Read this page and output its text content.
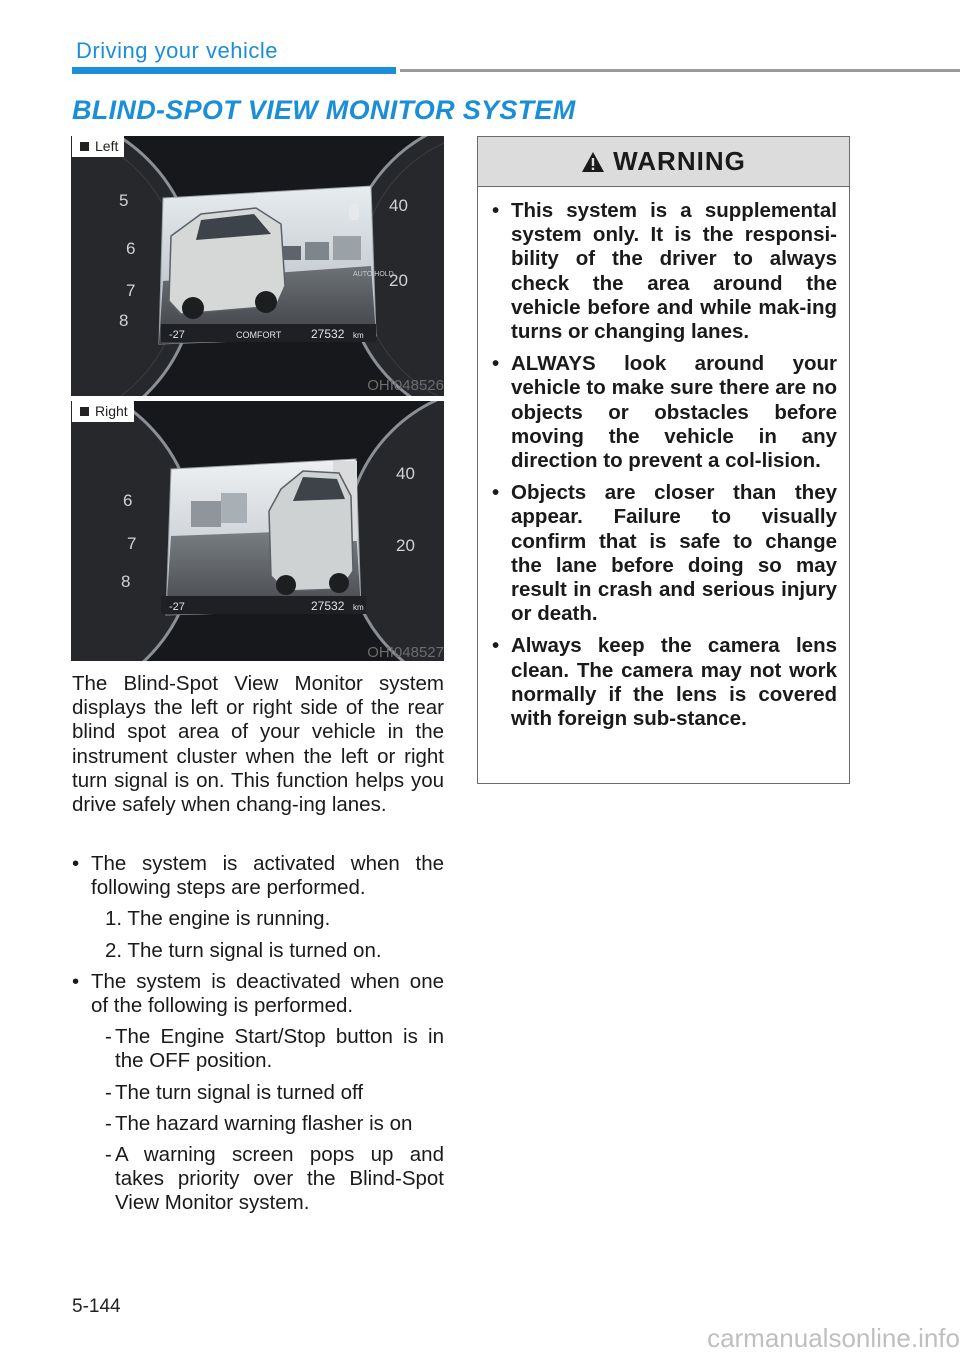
Driving your vehicle
BLIND-SPOT VIEW MONITOR SYSTEM
Left
5
6
7
8
20
40
-27	COMFORT 27532 km
AUTO HOLD
OHI048526
Right
6
7
8
20
40
-27	27532 km
OHI048527

The Blind-Spot View Monitor system displays the left or right side of the rear blind spot area of your vehicle in the instrument cluster when the left or right turn signal is on. This function helps you drive safely when chang-ing lanes.

• The system is activated when the following steps are performed.
1. The engine is running.
2. The turn signal is turned on.
• The system is deactivated when one of the following is performed.
- The Engine Start/Stop button is in the OFF position.
- The turn signal is turned off
- The hazard warning flasher is on
- A warning screen pops up and takes priority over the Blind-Spot View Monitor system.
WARNING
• This system is a supplemental system only. It is the responsi-bility of the driver to always check the area around the vehicle before and while mak-ing turns or changing lanes.
• ALWAYS look around your vehicle to make sure there are no objects or obstacles before moving the vehicle in any direction to prevent a col-lision.
• Objects are closer than they appear. Failure to visually confirm that is safe to change the lane before doing so may result in crash and serious injury or death.
• Always keep the camera lens clean. The camera may not work normally if the lens is covered with foreign sub-stance.
5-144
carmanualsonline.info
